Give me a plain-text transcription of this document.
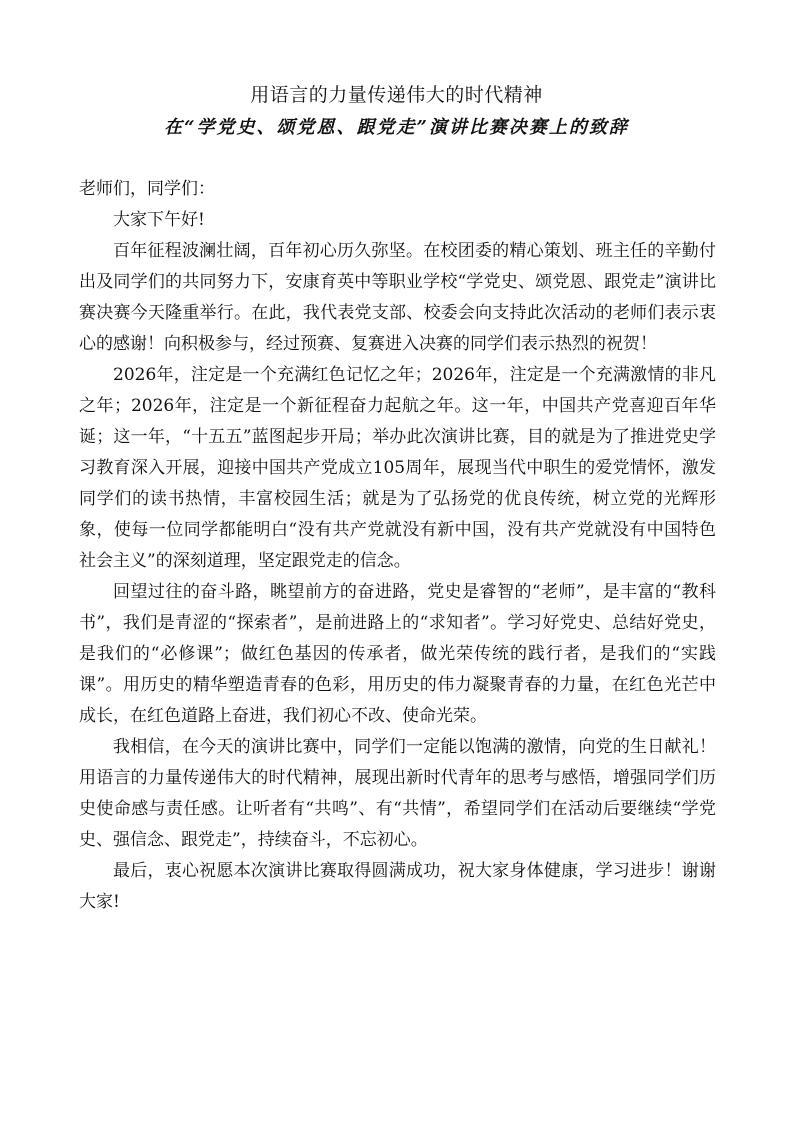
用语言的力量传递伟大的时代精神
在“学党史、颂党恩、跟党走”演讲比赛决赛上的致辞

老师们，同学们：

大家下午好!

百年征程波澜壮阔，百年初心历久弥坚。在校团委的精心策划、班主任的辛勤付出及同学们的共同努力下，安康育英中等职业学校“学党史、颂党恩、跟党走”演讲比赛决赛今天隆重举行。在此，我代表党支部、校委会向支持此次活动的老师们表示衷心的感谢！向积极参与，经过预赛、复赛进入决赛的同学们表示热烈的祝贺！

2026年，注定是一个充满红色记忆之年；2026年，注定是一个充满激情的非凡之年；2026年，注定是一个新征程奋力起航之年。这一年，中国共产党喜迎百年华诞；这一年，“十五五”蓝图起步开局；举办此次演讲比赛，目的就是为了推进党史学习教育深入开展，迎接中国共产党成立105周年，展现当代中职生的爱党情怀，激发同学们的读书热情，丰富校园生活；就是为了弘扬党的优良传统，树立党的光辉形象，使每一位同学都能明白“没有共产党就没有新中国，没有共产党就没有中国特色社会主义”的深刻道理，坚定跟党走的信念。

回望过往的奋斗路，眺望前方的奋进路，党史是睿智的“老师”，是丰富的“教科书”，我们是青涩的“探索者”，是前进路上的“求知者”。学习好党史、总结好党史，是我们的“必修课”；做红色基因的传承者，做光荣传统的践行者，是我们的“实践课”。用历史的精华塑造青春的色彩，用历史的伟力凝聚青春的力量，在红色光芒中成长，在红色道路上奋进，我们初心不改、使命光荣。

我相信，在今天的演讲比赛中，同学们一定能以饱满的激情，向党的生日献礼！用语言的力量传递伟大的时代精神，展现出新时代青年的思考与感悟，增强同学们历史使命感与责任感。让听者有“共鸣”、有“共情”，希望同学们在活动后要继续“学党史、强信念、跟党走”，持续奋斗，不忘初心。

最后，衷心祝愿本次演讲比赛取得圆满成功，祝大家身体健康，学习进步！谢谢大家!
